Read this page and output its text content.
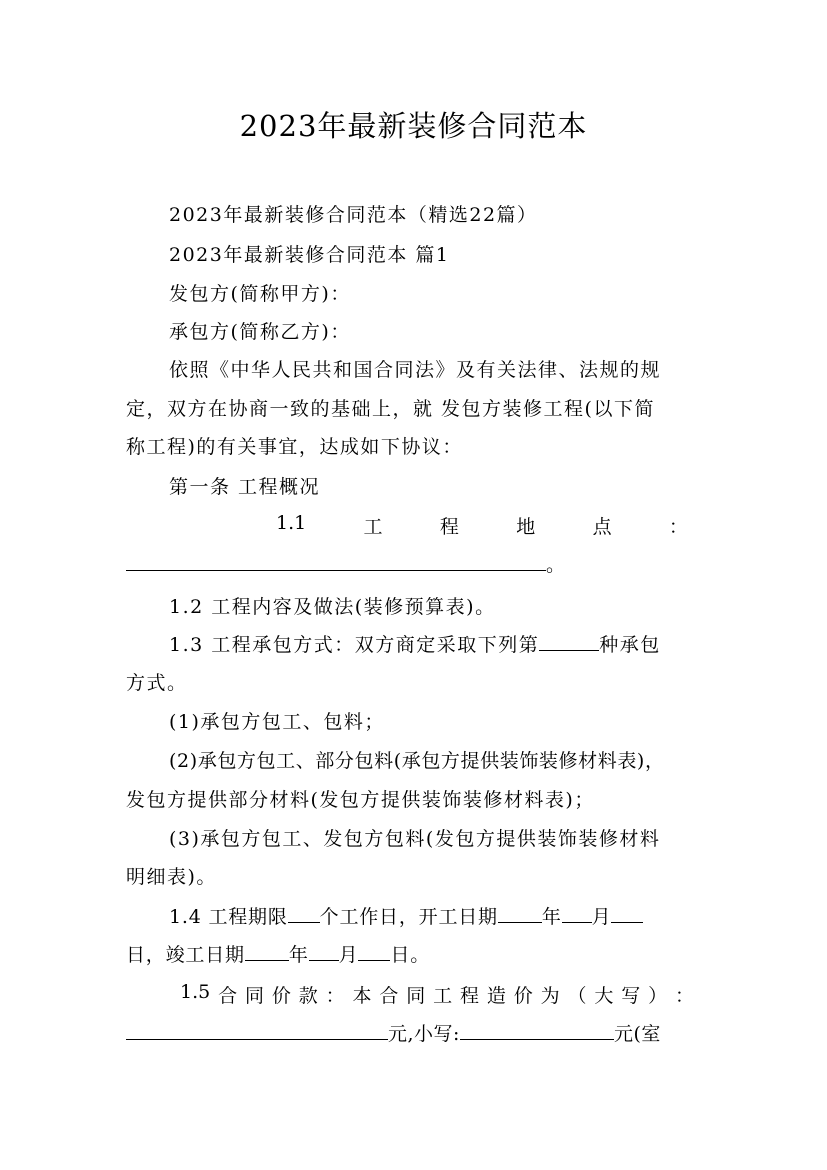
2023年最新装修合同范本
2023年最新装修合同范本（精选22篇）
2023年最新装修合同范本 篇1
发包方(简称甲方)：
承包方(简称乙方)：
依照《中华人民共和国合同法》及有关法律、法规的规
定，双方在协商一致的基础上，就 发包方装修工程(以下简
称工程)的有关事宜，达成如下协议：
第一条 工程概况
1.1	工	程	地	点	：
。
1.2 工程内容及做法(装修预算表)。
1.3 工程承包方式：双方商定采取下列第	种承包
方式。
(1)承包方包工、包料；
(2)承包方包工、部分包料(承包方提供装饰装修材料表)，
发包方提供部分材料(发包方提供装饰装修材料表)；
(3)承包方包工、发包方包料(发包方提供装饰装修材料
明细表)。
1.4 工程期限 个工作日，开工日期 年 月
日，竣工日期 年 月 日。
1.5 合 同 价 款 ： 本 合 同 工 程 造 价 为 （ 大 写 ） ：
元,小写:	元(室
